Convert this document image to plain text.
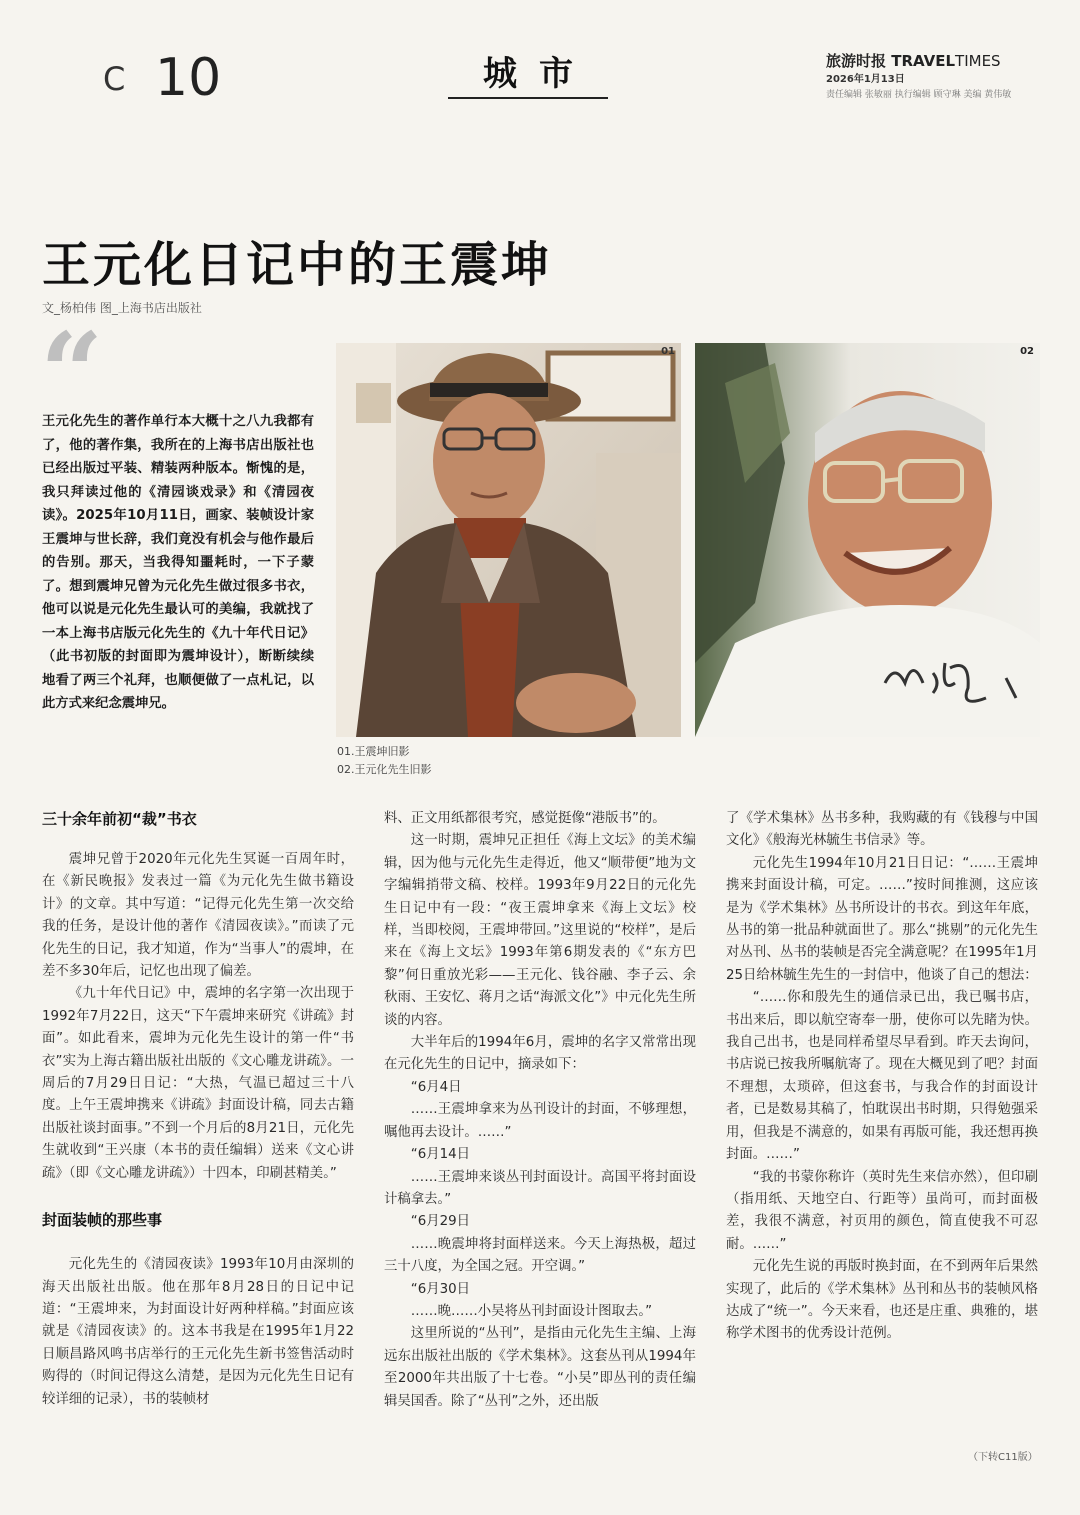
C 10	城市	旅游时报 TRAVELTIMES
2026年1月13日
责任编辑 张敏丽 执行编辑 顾守琳 美编 黄伟敏
王元化日记中的王震坤
文_杨柏伟 图_上海书店出版社
“
王元化先生的著作单行本大概十之八九我都有了，他的著作集，我所在的上海书店出版社也已经出版过平装、精装两种版本。惭愧的是，我只拜读过他的《清园谈戏录》和《清园夜读》。2025年10月11日，画家、装帧设计家王震坤与世长辞，我们竟没有机会与他作最后的告别。那天，当我得知噩耗时，一下子蒙了。想到震坤兄曾为元化先生做过很多书衣，他可以说是元化先生最认可的美编，我就找了一本上海书店版元化先生的《九十年代日记》（此书初版的封面即为震坤设计），断断续续地看了两三个礼拜，也顺便做了一点札记，以此方式来纪念震坤兄。
01	02
01.王震坤旧影
02.王元化先生旧影
三十余年前初“裁”书衣

震坤兄曾于2020年元化先生冥诞一百周年时，在《新民晚报》发表过一篇《为元化先生做书籍设计》的文章。其中写道：“记得元化先生第一次交给我的任务，是设计他的著作《清园夜读》。”而读了元化先生的日记，我才知道，作为“当事人”的震坤，在差不多30年后，记忆也出现了偏差。

《九十年代日记》中，震坤的名字第一次出现于1992年7月22日，这天“下午震坤来研究《讲疏》封面”。如此看来，震坤为元化先生设计的第一件“书衣”实为上海古籍出版社出版的《文心雕龙讲疏》。一周后的7月29日日记：“大热，气温已超过三十八度。上午王震坤携来《讲疏》封面设计稿，同去古籍出版社谈封面事。”不到一个月后的8月21日，元化先生就收到“王兴康（本书的责任编辑）送来《文心讲疏》（即《文心雕龙讲疏》）十四本，印刷甚精美。”

封面装帧的那些事

元化先生的《清园夜读》1993年10月由深圳的海天出版社出版。他在那年8月28日的日记中记道：“王震坤来，为封面设计好两种样稿。”封面应该就是《清园夜读》的。这本书我是在1995年1月22日顺昌路风鸣书店举行的王元化先生新书签售活动时购得的（时间记得这么清楚，是因为元化先生日记有较详细的记录），书的装帧材

料、正文用纸都很考究，感觉挺像“港版书”的。

这一时期，震坤兄正担任《海上文坛》的美术编辑，因为他与元化先生走得近，他又“顺带便”地为文字编辑捎带文稿、校样。1993年9月22日的元化先生日记中有一段：“夜王震坤拿来《海上文坛》校样，当即校阅，王震坤带回。”这里说的“校样”，是后来在《海上文坛》1993年第6期发表的《“东方巴黎”何日重放光彩——王元化、钱谷融、李子云、余秋雨、王安忆、蒋月之话“海派文化”》中元化先生所谈的内容。

大半年后的1994年6月，震坤的名字又常常出现在元化先生的日记中，摘录如下：

“6月4日

……王震坤拿来为丛刊设计的封面，不够理想，嘱他再去设计。……”

“6月14日

……王震坤来谈丛刊封面设计。高国平将封面设计稿拿去。”

“6月29日

……晚震坤将封面样送来。今天上海热极，超过三十八度，为全国之冠。开空调。”

“6月30日

……晚……小吴将丛刊封面设计图取去。”

这里所说的“丛刊”，是指由元化先生主编、上海远东出版社出版的《学术集林》。这套丛刊从1994年至2000年共出版了十七卷。“小吴”即丛刊的责任编辑吴国香。除了“丛刊”之外，还出版

了《学术集林》丛书多种，我购藏的有《钱穆与中国文化》《般海光林毓生书信录》等。

元化先生1994年10月21日日记：“……王震坤携来封面设计稿，可定。……”按时间推测，这应该是为《学术集林》丛书所设计的书衣。到这年年底，丛书的第一批品种就面世了。那么“挑剔”的元化先生对丛刊、丛书的装帧是否完全满意呢？在1995年1月25日给林毓生先生的一封信中，他谈了自己的想法：

“……你和殷先生的通信录已出，我已嘱书店，书出来后，即以航空寄奉一册，使你可以先睹为快。我自己出书，也是同样希望尽早看到。昨天去询问，书店说已按我所嘱航寄了。现在大概见到了吧？封面不理想，太琐碎，但这套书，与我合作的封面设计者，已是数易其稿了，怕耽误出书时期，只得勉强采用，但我是不满意的，如果有再版可能，我还想再换封面。……”

“我的书蒙你称许（英时先生来信亦然），但印刷（指用纸、天地空白、行距等）虽尚可，而封面极差，我很不满意，衬页用的颜色，简直使我不可忍耐。……”

元化先生说的再版时换封面，在不到两年后果然实现了，此后的《学术集林》丛刊和丛书的装帧风格达成了“统一”。今天来看，也还是庄重、典雅的，堪称学术图书的优秀设计范例。

（下转C11版）
